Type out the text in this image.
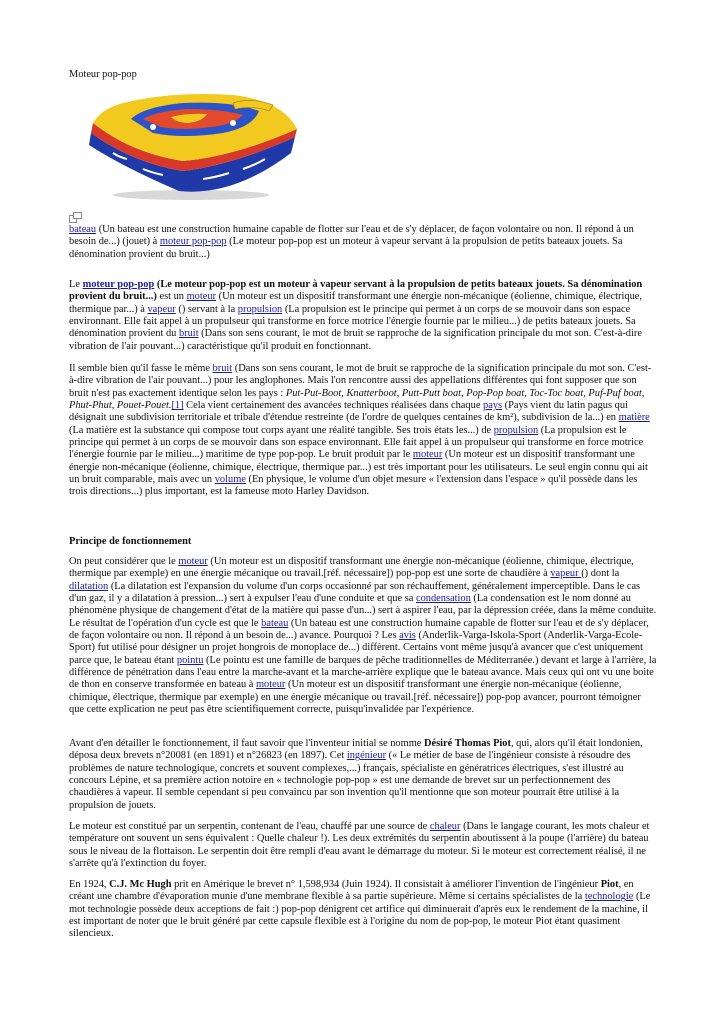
Moteur pop-pop

bateau (Un bateau est une construction humaine capable de flotter sur l'eau et de s'y déplacer, de façon volontaire ou non. Il répond à un besoin de...) (jouet) à moteur pop-pop (Le moteur pop-pop est un moteur à vapeur servant à la propulsion de petits bateaux jouets. Sa dénomination provient du bruit...)

Le moteur pop-pop (Le moteur pop-pop est un moteur à vapeur servant à la propulsion de petits bateaux jouets. Sa dénomination provient du bruit...) est un moteur (Un moteur est un dispositif transformant une énergie non-mécanique (éolienne, chimique, électrique, thermique par...) à vapeur () servant à la propulsion (La propulsion est le principe qui permet à un corps de se mouvoir dans son espace environnant. Elle fait appel à un propulseur qui transforme en force motrice l'énergie fournie par le milieu...) de petits bateaux jouets. Sa dénomination provient du bruit (Dans son sens courant, le mot de bruit se rapproche de la signification principale du mot son. C'est-à-dire vibration de l'air pouvant...) caractéristique qu'il produit en fonctionnant.

Il semble bien qu'il fasse le même bruit (Dans son sens courant, le mot de bruit se rapproche de la signification principale du mot son. C'est-à-dire vibration de l'air pouvant...) pour les anglophones. Mais l'on rencontre aussi des appellations différentes qui font supposer que son bruit n'est pas exactement identique selon les pays : Put-Put-Boot, Knatterboot, Putt-Putt boat, Pop-Pop boat, Toc-Toc boat, Puf-Puf boat, Phut-Phut, Pouet-Pouet.[1] Cela vient certainement des avancées techniques réalisées dans chaque pays (Pays vient du latin pagus qui désignait une subdivision territoriale et tribale d'étendue restreinte (de l'ordre de quelques centaines de km²), subdivision de la...) en matière (La matière est la substance qui compose tout corps ayant une réalité tangible. Ses trois états les...) de propulsion (La propulsion est le principe qui permet à un corps de se mouvoir dans son espace environnant. Elle fait appel à un propulseur qui transforme en force motrice l'énergie fournie par le milieu...) maritime de type pop-pop. Le bruit produit par le moteur (Un moteur est un dispositif transformant une énergie non-mécanique (éolienne, chimique, électrique, thermique par...) est très important pour les utilisateurs. Le seul engin connu qui ait un bruit comparable, mais avec un volume (En physique, le volume d'un objet mesure « l'extension dans l'espace » qu'il possède dans les trois directions...) plus important, est la fameuse moto Harley Davidson.

Principe de fonctionnement

On peut considérer que le moteur (Un moteur est un dispositif transformant une énergie non-mécanique (éolienne, chimique, électrique, thermique par exemple) en une énergie mécanique ou travail.[réf. nécessaire]) pop-pop est une sorte de chaudière à vapeur () dont la dilatation (La dilatation est l'expansion du volume d'un corps occasionné par son réchauffement, généralement imperceptible. Dans le cas d'un gaz, il y a dilatation à pression...) sert à expulser l'eau d'une conduite et que sa condensation (La condensation est le nom donné au phénomène physique de changement d'état de la matière qui passe d'un...) sert à aspirer l'eau, par la dépression créée, dans la même conduite. Le résultat de l'opération d'un cycle est que le bateau (Un bateau est une construction humaine capable de flotter sur l'eau et de s'y déplacer, de façon volontaire ou non. Il répond à un besoin de...) avance. Pourquoi ? Les avis (Anderlik-Varga-Iskola-Sport (Anderlik-Varga-Ecole-Sport) fut utilisé pour désigner un projet hongrois de monoplace de...) diffèrent. Certains vont même jusqu'à avancer que c'est uniquement parce que, le bateau étant pointu (Le pointu est une famille de barques de pêche traditionnelles de Méditerranée.) devant et large à l'arrière, la différence de pénétration dans l'eau entre la marche-avant et la marche-arrière explique que le bateau avance. Mais ceux qui ont vu une boite de thon en conserve transformée en bateau à moteur (Un moteur est un dispositif transformant une énergie non-mécanique (éolienne, chimique, électrique, thermique par exemple) en une énergie mécanique ou travail.[réf. nécessaire]) pop-pop avancer, pourront témoigner que cette explication ne peut pas être scientifiquement correcte, puisqu'invalidée par l'expérience.

Avant d'en détailler le fonctionnement, il faut savoir que l'inventeur initial se nomme Désiré Thomas Piot, qui, alors qu'il était londonien, déposa deux brevets n°20081 (en 1891) et n°26823 (en 1897). Cet ingénieur (« Le métier de base de l'ingénieur consiste à résoudre des problèmes de nature technologique, concrets et souvent complexes,...) français, spécialiste en génératrices électriques, s'est illustré au concours Lépine, et sa première action notoire en « technologie pop-pop » est une demande de brevet sur un perfectionnement des chaudières à vapeur. Il semble cependant si peu convaincu par son invention qu'il mentionne que son moteur pourrait être utilisé à la propulsion de jouets.

Le moteur est constitué par un serpentin, contenant de l'eau, chauffé par une source de chaleur (Dans le langage courant, les mots chaleur et température ont souvent un sens équivalent : Quelle chaleur !). Les deux extrémités du serpentin aboutissent à la poupe (l'arrière) du bateau sous le niveau de la flottaison. Le serpentin doit être rempli d'eau avant le démarrage du moteur. Si le moteur est correctement réalisé, il ne s'arrête qu'à l'extinction du foyer.

En 1924, C.J. Mc Hugh prit en Amérique le brevet n° 1,598,934 (Juin 1924). Il consistait à améliorer l'invention de l'ingénieur Piot, en créant une chambre d'évaporation munie d'une membrane flexible à sa partie supérieure. Même si certains spécialistes de la technologie (Le mot technologie possède deux acceptions de fait :) pop-pop dénigrent cet artifice qui diminuerait d'après eux le rendement de la machine, il est important de noter que le bruit généré par cette capsule flexible est à l'origine du nom de pop-pop, le moteur Piot étant quasiment silencieux.
